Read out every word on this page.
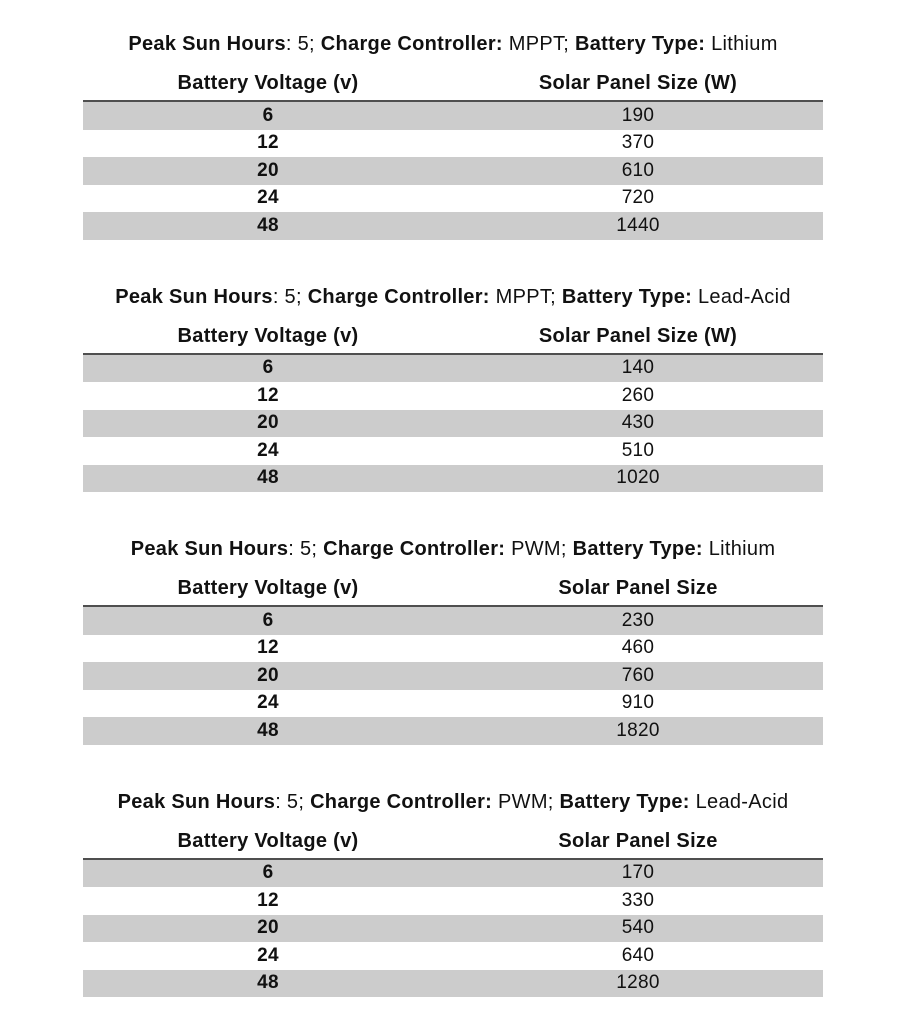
Peak Sun Hours: 5; Charge Controller: MPPT; Battery Type: Lithium
Battery Voltage (v)	Solar Panel Size (W)
6	190
12	370
20	610
24	720
48	1440
Peak Sun Hours: 5; Charge Controller: MPPT; Battery Type: Lead-Acid
Battery Voltage (v)	Solar Panel Size (W)
6	140
12	260
20	430
24	510
48	1020
Peak Sun Hours: 5; Charge Controller: PWM; Battery Type: Lithium
Battery Voltage (v)	Solar Panel Size
6	230
12	460
20	760
24	910
48	1820
Peak Sun Hours: 5; Charge Controller: PWM; Battery Type: Lead-Acid
Battery Voltage (v)	Solar Panel Size
6	170
12	330
20	540
24	640
48	1280
